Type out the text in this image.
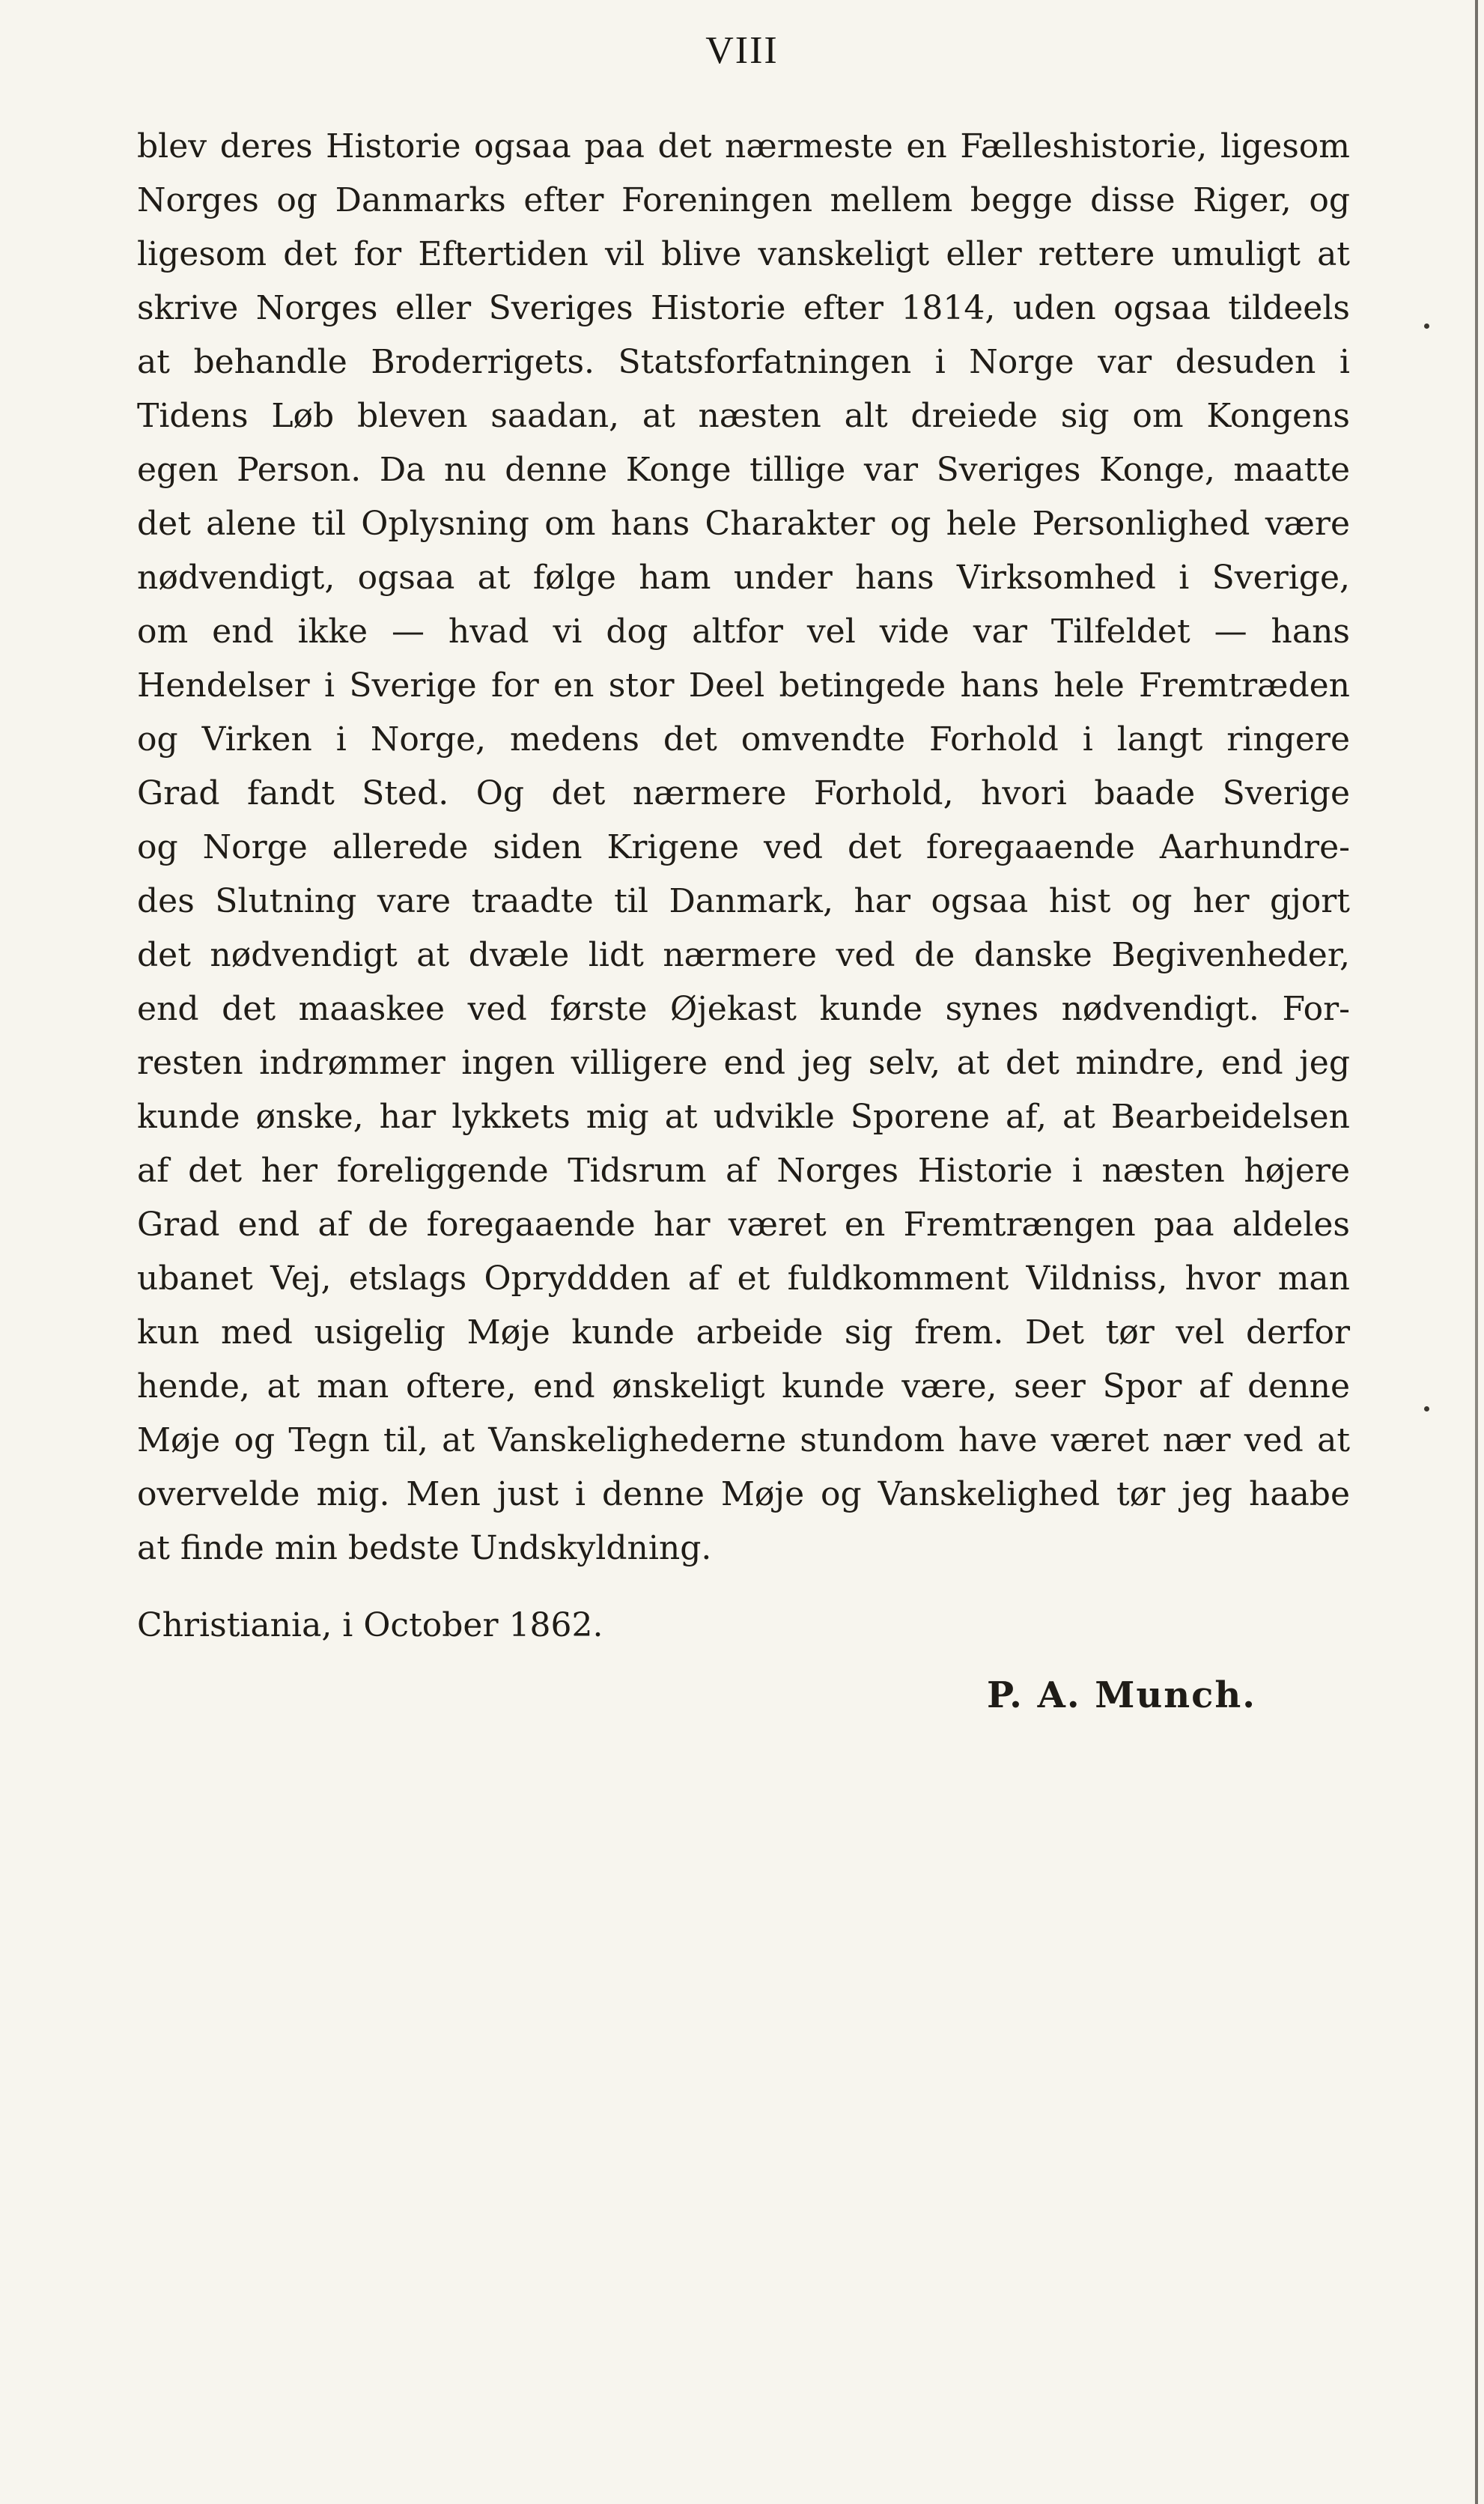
VIII
blev deres Historie ogsaa paa det nærmeste en Fælleshistorie, ligesom
Norges og Danmarks efter Foreningen mellem begge disse Riger, og
ligesom det for Eftertiden vil blive vanskeligt eller rettere umuligt at
skrive Norges eller Sveriges Historie efter 1814, uden ogsaa tildeels
at behandle Broderrigets. Statsforfatningen i Norge var desuden i
Tidens Løb bleven saadan, at næsten alt dreiede sig om Kongens
egen Person. Da nu denne Konge tillige var Sveriges Konge, maatte
det alene til Oplysning om hans Charakter og hele Personlighed være
nødvendigt, ogsaa at følge ham under hans Virksomhed i Sverige,
om end ikke — hvad vi dog altfor vel vide var Tilfeldet — hans
Hendelser i Sverige for en stor Deel betingede hans hele Fremtræden
og Virken i Norge, medens det omvendte Forhold i langt ringere
Grad fandt Sted. Og det nærmere Forhold, hvori baade Sverige
og Norge allerede siden Krigene ved det foregaaende Aarhundre-
des Slutning vare traadte til Danmark, har ogsaa hist og her gjort
det nødvendigt at dvæle lidt nærmere ved de danske Begivenheder,
end det maaskee ved første Øjekast kunde synes nødvendigt. For-
resten indrømmer ingen villigere end jeg selv, at det mindre, end jeg
kunde ønske, har lykkets mig at udvikle Sporene af, at Bearbeidelsen
af det her foreliggende Tidsrum af Norges Historie i næsten højere
Grad end af de foregaaende har været en Fremtrængen paa aldeles
ubanet Vej, etslags Opryddden af et fuldkomment Vildniss, hvor man
kun med usigelig Møje kunde arbeide sig frem. Det tør vel derfor
hende, at man oftere, end ønskeligt kunde være, seer Spor af denne
Møje og Tegn til, at Vanskelighederne stundom have været nær ved at
overvelde mig. Men just i denne Møje og Vanskelighed tør jeg haabe
at finde min bedste Undskyldning.
Christiania, i October 1862.
P. A. Munch.
